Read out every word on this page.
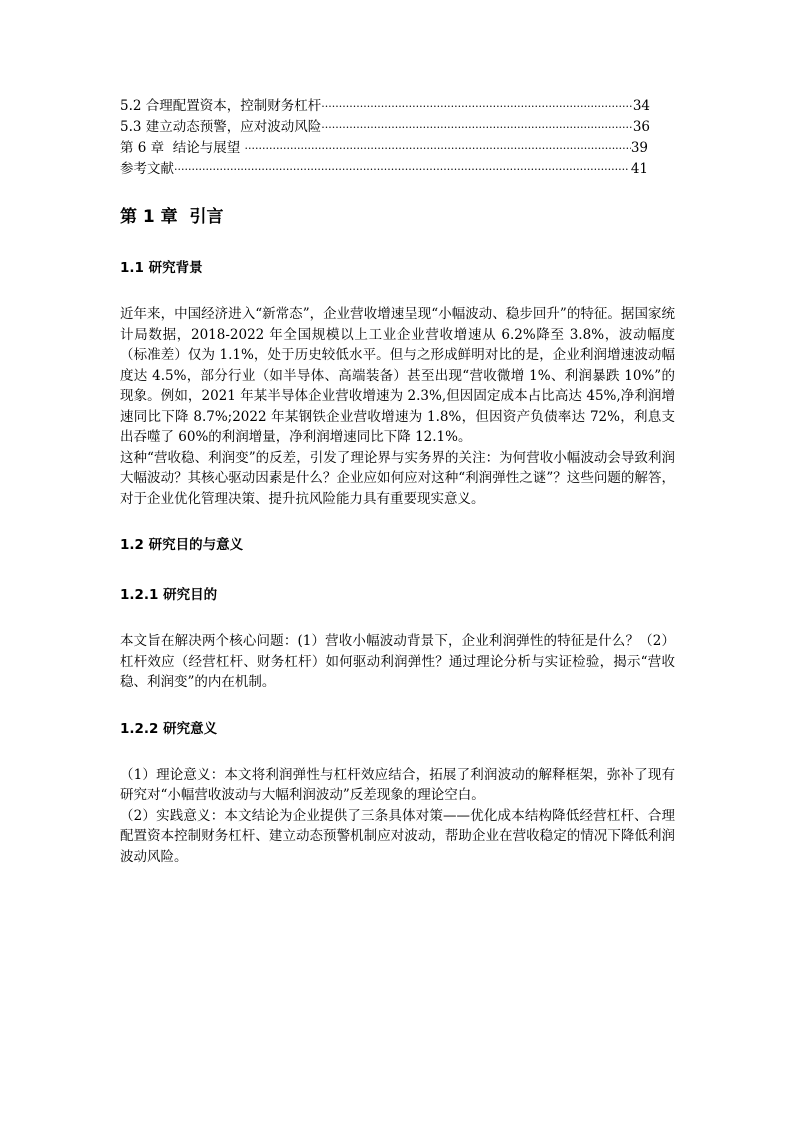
5.2 合理配置资本，控制财务杠杆 ·····	34
5.3 建立动态预警，应对波动风险 ·····	36
第 6 章  结论与展望 ·····	39
参考文献 ·····	41
第 1 章  引言
1.1 研究背景
近年来，中国经济进入“新常态”，企业营收增速呈现“小幅波动、稳步回升”的特征。据国家统计局数据，2018-2022 年全国规模以上工业企业营收增速从 6.2%降至 3.8%，波动幅度（标准差）仅为 1.1%，处于历史较低水平。但与之形成鲜明对比的是，企业利润增速波动幅度达 4.5%，部分行业（如半导体、高端装备）甚至出现“营收微增 1%、利润暴跌 10%”的现象。例如，2021 年某半导体企业营收增速为 2.3%,但因固定成本占比高达 45%,净利润增速同比下降 8.7%;2022 年某钢铁企业营收增速为 1.8%，但因资产负债率达 72%，利息支出吞噬了 60%的利润增量，净利润增速同比下降 12.1%。
这种“营收稳、利润变”的反差，引发了理论界与实务界的关注：为何营收小幅波动会导致利润大幅波动？其核心驱动因素是什么？企业应如何应对这种“利润弹性之谜”？这些问题的解答，对于企业优化管理决策、提升抗风险能力具有重要现实意义。
1.2 研究目的与意义
1.2.1 研究目的
本文旨在解决两个核心问题：(1）营收小幅波动背景下，企业利润弹性的特征是什么？（2）杠杆效应（经营杠杆、财务杠杆）如何驱动利润弹性？通过理论分析与实证检验，揭示“营收稳、利润变”的内在机制。
1.2.2 研究意义
（1）理论意义：本文将利润弹性与杠杆效应结合，拓展了利润波动的解释框架，弥补了现有研究对“小幅营收波动与大幅利润波动”反差现象的理论空白。
（2）实践意义：本文结论为企业提供了三条具体对策——优化成本结构降低经营杠杆、合理配置资本控制财务杠杆、建立动态预警机制应对波动，帮助企业在营收稳定的情况下降低利润波动风险。
